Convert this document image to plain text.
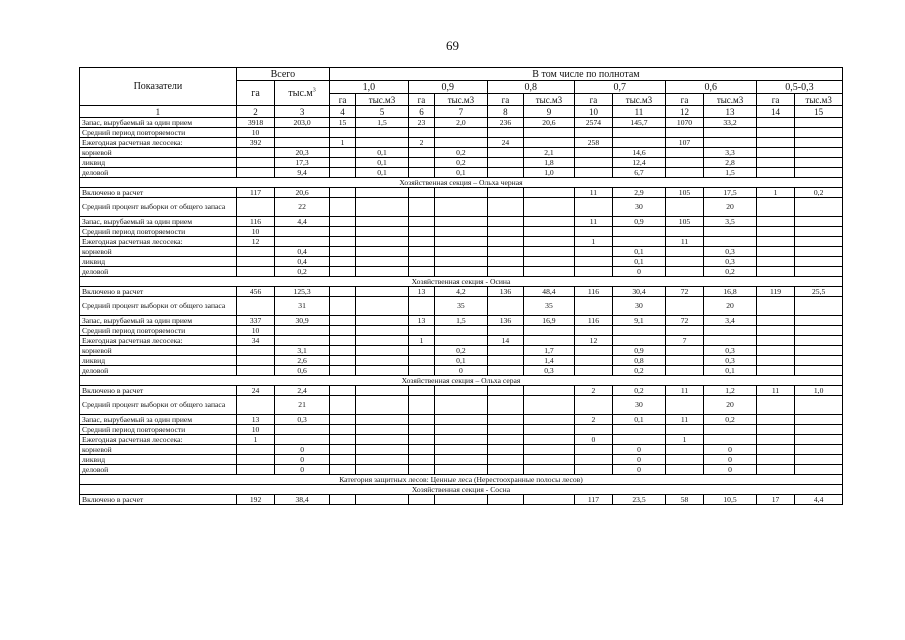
69
Показатели	Всего		В том числе по полнотам											
	га	$тыс.м^3$	1,0		0,9		0,8		0,7		0,6		0,5-0,3	
			га	тыс.м3	га	тыс.м3	га	тыс.м3	га	тыс.м3	га	тыс.м3	га	тыс.м3
1	2	3	4	5	6	7	8	9	10	11	12	13	14	15
Запас, вырубаемый за один прием	3918	203,0	15	1,5	23	2,0	236	20,6	2574	145,7	1070	33,2		
Средний период повторяемости	10													
Ежегодная расчетная лесосека:	392		1		2		24		258		107			
корневой		20,3		0,1		0,2		2,1		14,6		3,3		
ликвид		17,3		0,1		0,2		1,8		12,4		2,8		
деловой		9,4		0,1		0,1		1,0		6,7		1,5		
Хозяйственная секция – Ольха черная														
Включено в расчет	117	20,6							11	2,9	105	17,5	1	0,2
Средний процент выборки от общего запаса		22								30		20		
Запас, вырубаемый за один прием	116	4,4							11	0,9	105	3,5		
Средний период повторяемости	10													
Ежегодная расчетная лесосека:	12								1		11			
корневой		0,4								0,1		0,3		
ликвид		0,4								0,1		0,3		
деловой		0,2								0		0,2		
Хозяйственная секция - Осина														
Включено в расчет	456	125,3			13	4,2	136	48,4	116	30,4	72	16,8	119	25,5
Средний процент выборки от общего запаса		31				35		35		30		20		
Запас, вырубаемый за один прием	337	30,9			13	1,5	136	16,9	116	9,1	72	3,4		
Средний период повторяемости	10													
Ежегодная расчетная лесосека:	34				1		14		12		7			
корневой		3,1				0,2		1,7		0,9		0,3		
ликвид		2,6				0,1		1,4		0,8		0,3		
деловой		0,6				0		0,3		0,2		0,1		
Хозяйственная секция – Ольха серая														
Включено в расчет	24	2,4							2	0,2	11	1,2	11	1,0
Средний процент выборки от общего запаса		21								30		20		
Запас, вырубаемый за один прием	13	0,3							2	0,1	11	0,2		
Средний период повторяемости	10													
Ежегодная расчетная лесосека:	1								0		1			
корневой		0								0		0		
ликвид		0								0		0		
деловой		0								0		0		
Категория защитных лесов: Ценные леса (Нерестоохранные полосы лесов)														
Хозяйственная секция - Сосна														
Включено в расчет	192	38,4							117	23,5	58	10,5	17	4,4
